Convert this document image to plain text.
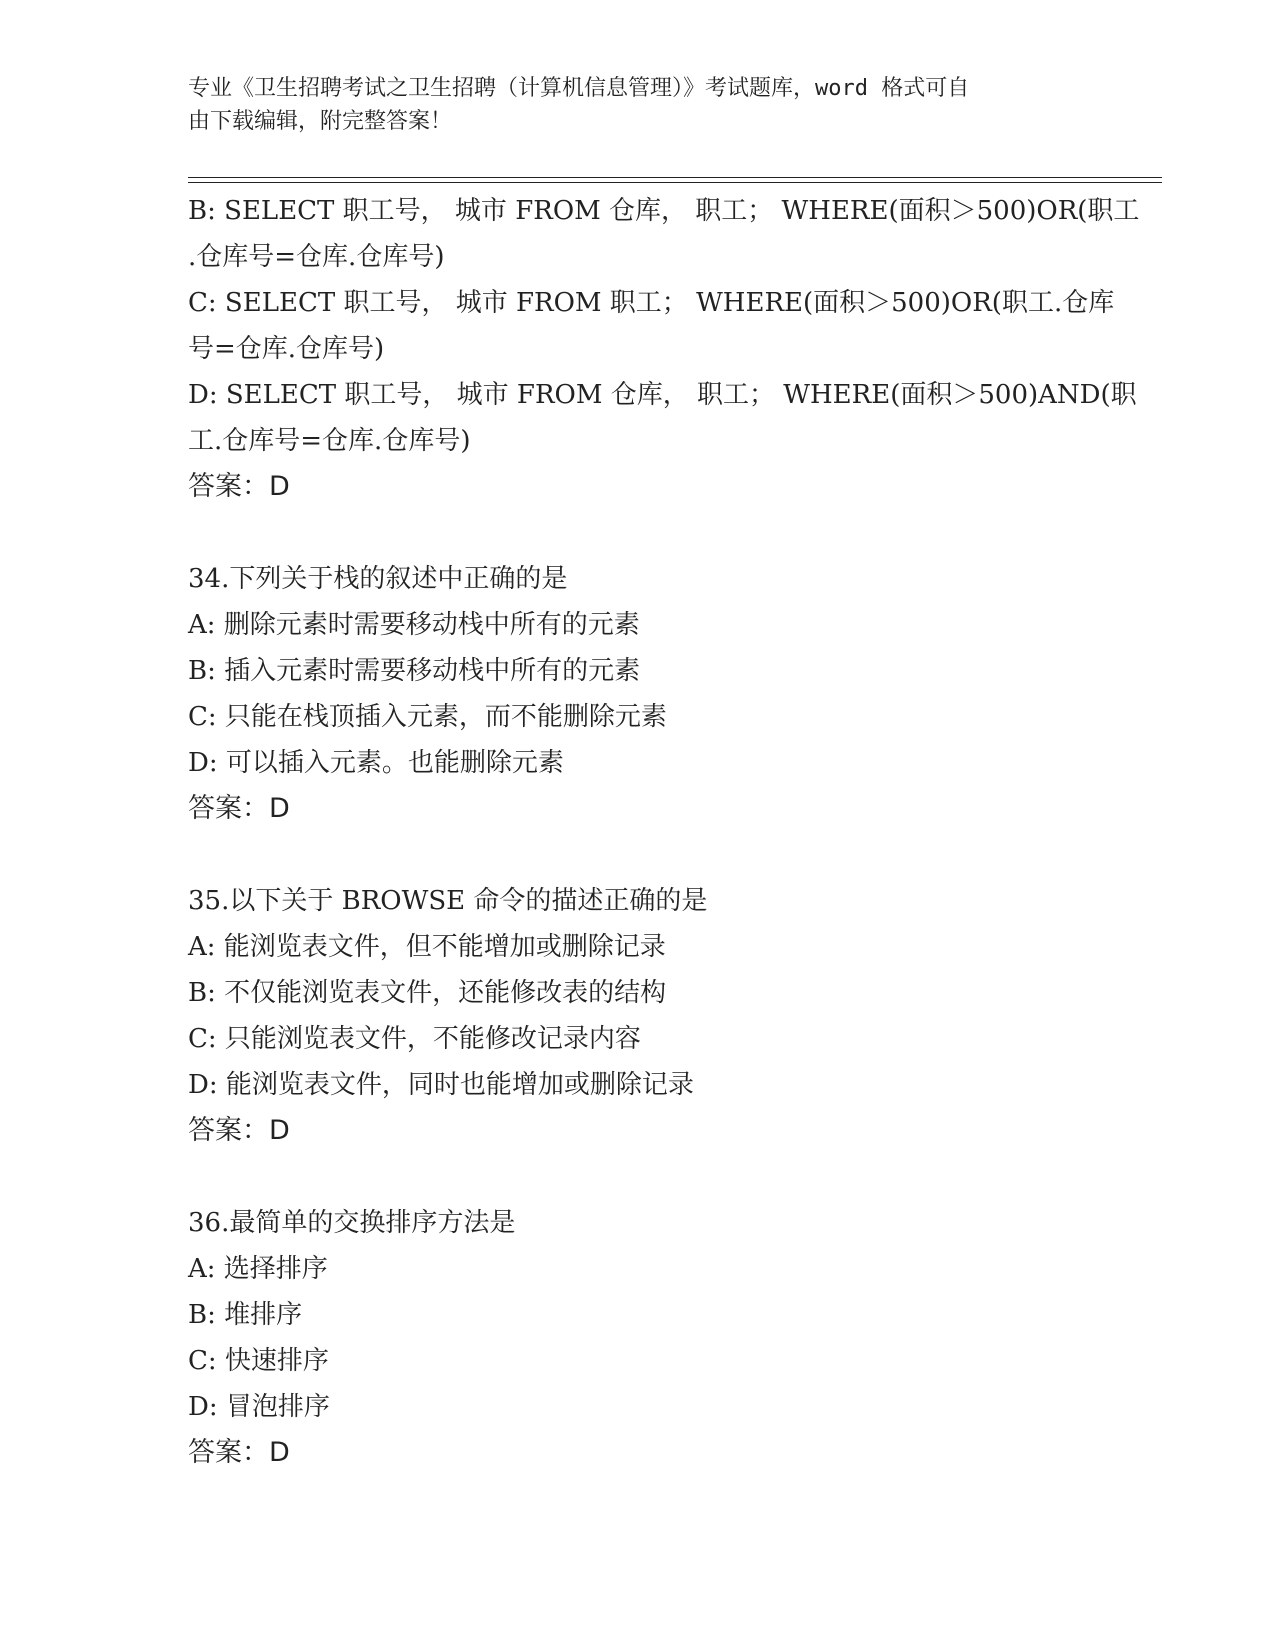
专业《卫生招聘考试之卫生招聘（计算机信息管理）》考试题库，word 格式可自
由下载编辑，附完整答案！
B: SELECT 职工号， 城市 FROM 仓库， 职工； WHERE(面积＞500)OR(职工
.仓库号=仓库.仓库号)
C: SELECT 职工号， 城市 FROM 职工； WHERE(面积＞500)OR(职工.仓库
号=仓库.仓库号)
D: SELECT 职工号， 城市 FROM 仓库， 职工； WHERE(面积＞500)AND(职
工.仓库号=仓库.仓库号)
答案：D
34.下列关于栈的叙述中正确的是
A: 删除元素时需要移动栈中所有的元素
B: 插入元素时需要移动栈中所有的元素
C: 只能在栈顶插入元素，而不能删除元素
D: 可以插入元素。也能删除元素
答案：D
35.以下关于 BROWSE 命令的描述正确的是
A: 能浏览表文件，但不能增加或删除记录
B: 不仅能浏览表文件，还能修改表的结构
C: 只能浏览表文件，不能修改记录内容
D: 能浏览表文件，同时也能增加或删除记录
答案：D
36.最简单的交换排序方法是
A: 选择排序
B: 堆排序
C: 快速排序
D: 冒泡排序
答案：D
